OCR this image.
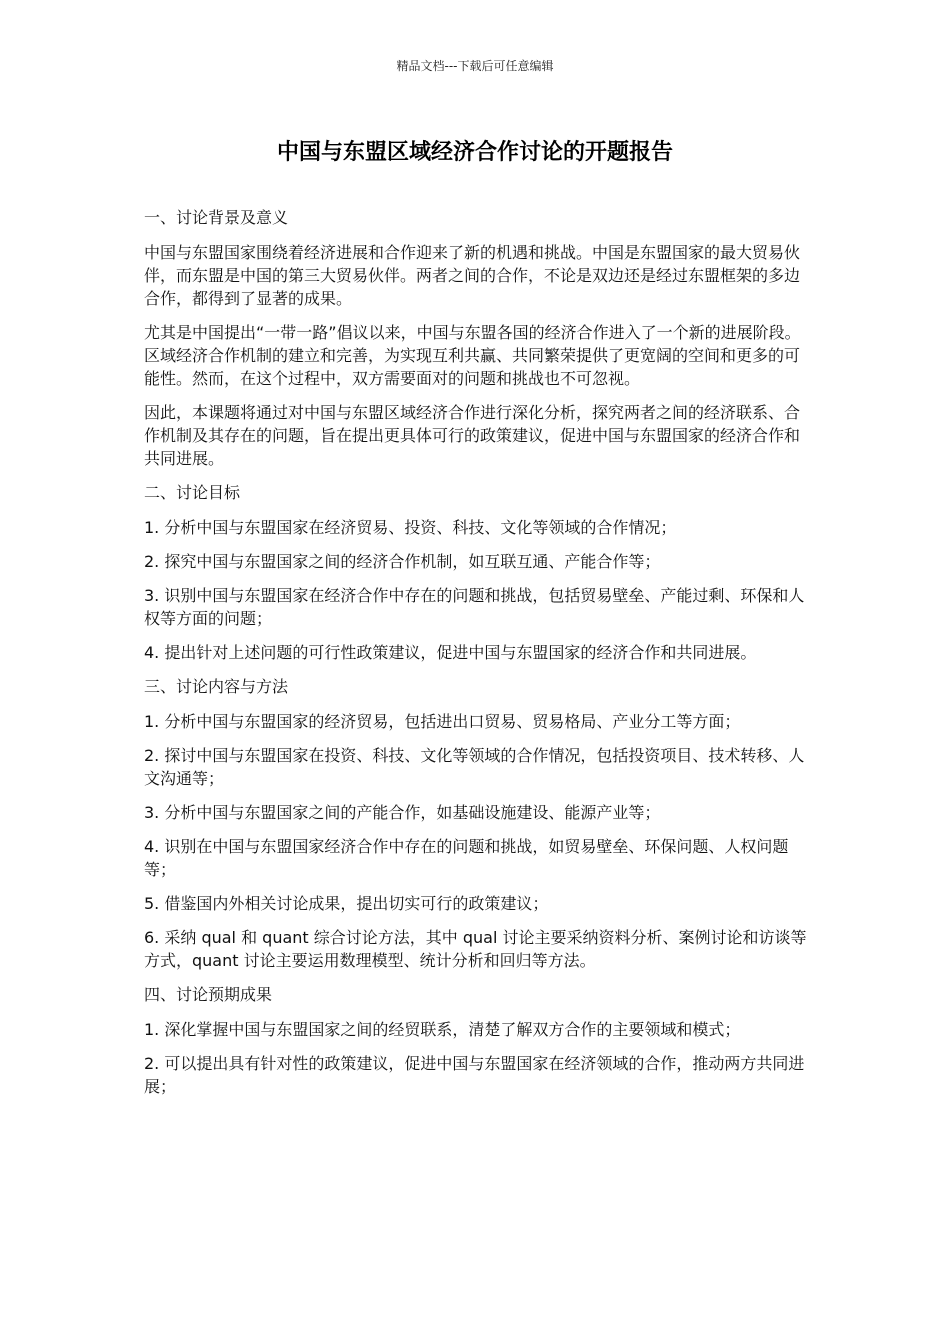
精品文档---下载后可任意编辑
中国与东盟区域经济合作讨论的开题报告

一、讨论背景及意义

中国与东盟国家围绕着经济进展和合作迎来了新的机遇和挑战。中国是东盟国家的最大贸易伙伴，而东盟是中国的第三大贸易伙伴。两者之间的合作，不论是双边还是经过东盟框架的多边合作，都得到了显著的成果。

尤其是中国提出“一带一路”倡议以来，中国与东盟各国的经济合作进入了一个新的进展阶段。区域经济合作机制的建立和完善，为实现互利共赢、共同繁荣提供了更宽阔的空间和更多的可能性。然而，在这个过程中，双方需要面对的问题和挑战也不可忽视。

因此，本课题将通过对中国与东盟区域经济合作进行深化分析，探究两者之间的经济联系、合作机制及其存在的问题，旨在提出更具体可行的政策建议，促进中国与东盟国家的经济合作和共同进展。

二、讨论目标

1. 分析中国与东盟国家在经济贸易、投资、科技、文化等领域的合作情况；

2. 探究中国与东盟国家之间的经济合作机制，如互联互通、产能合作等；

3. 识别中国与东盟国家在经济合作中存在的问题和挑战，包括贸易壁垒、产能过剩、环保和人权等方面的问题；

4. 提出针对上述问题的可行性政策建议，促进中国与东盟国家的经济合作和共同进展。

三、讨论内容与方法

1. 分析中国与东盟国家的经济贸易，包括进出口贸易、贸易格局、产业分工等方面；

2. 探讨中国与东盟国家在投资、科技、文化等领域的合作情况，包括投资项目、技术转移、人文沟通等；

3. 分析中国与东盟国家之间的产能合作，如基础设施建设、能源产业等；

4. 识别在中国与东盟国家经济合作中存在的问题和挑战，如贸易壁垒、环保问题、人权问题等；

5. 借鉴国内外相关讨论成果，提出切实可行的政策建议；

6. 采纳 qual 和 quant 综合讨论方法，其中 qual 讨论主要采纳资料分析、案例讨论和访谈等方式，quant 讨论主要运用数理模型、统计分析和回归等方法。

四、讨论预期成果

1. 深化掌握中国与东盟国家之间的经贸联系，清楚了解双方合作的主要领域和模式；

2. 可以提出具有针对性的政策建议，促进中国与东盟国家在经济领域的合作，推动两方共同进展；
